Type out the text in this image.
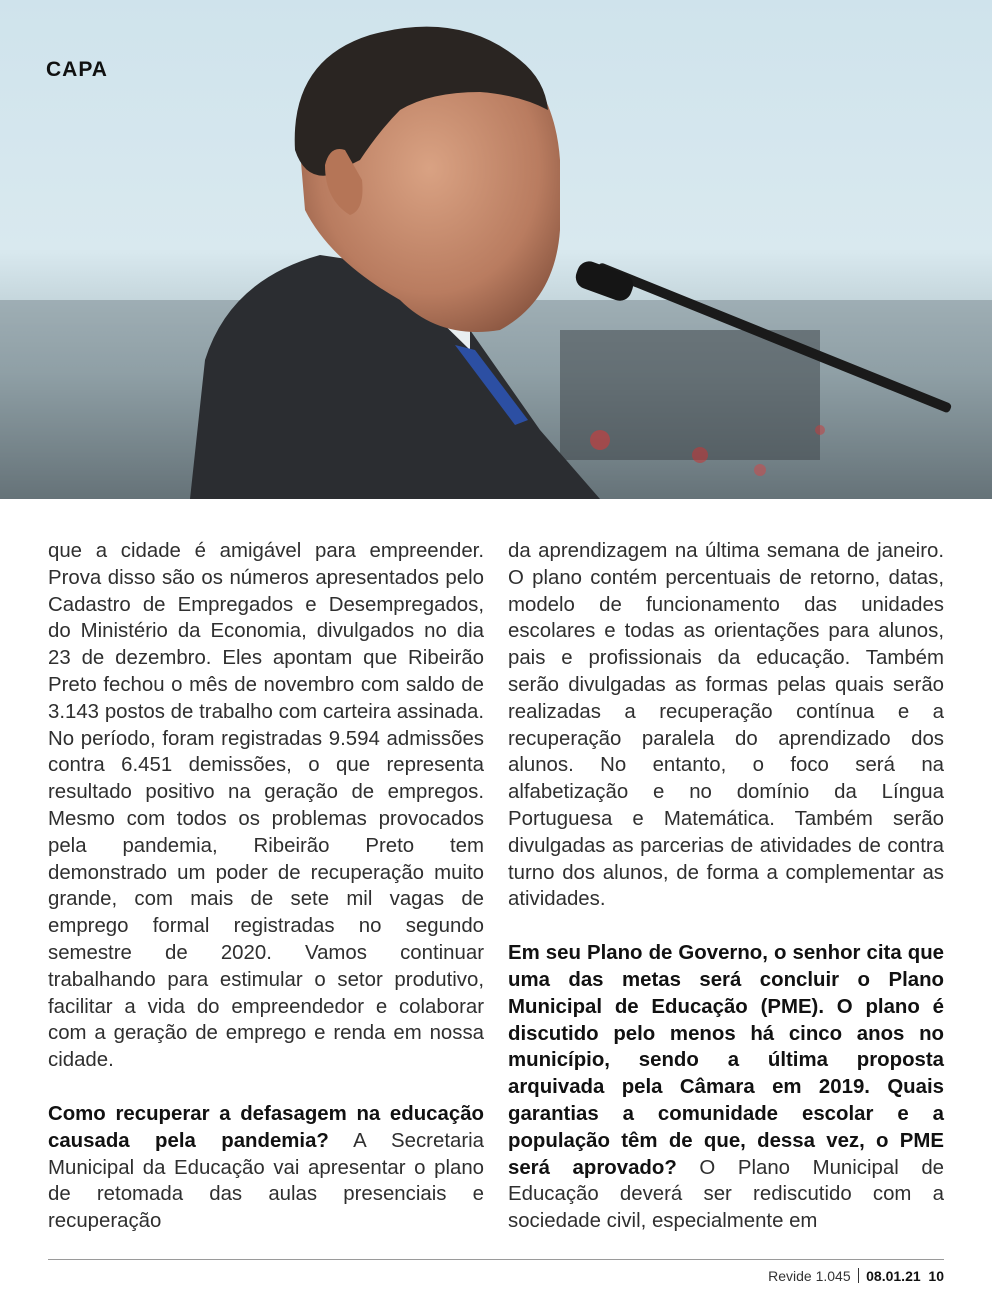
CAPA

que a cidade é amigável para empreender. Prova disso são os números apresentados pelo Cadastro de Empregados e Desempregados, do Ministério da Economia, divulgados no dia 23 de dezembro. Eles apontam que Ribeirão Preto fechou o mês de novembro com saldo de 3.143 postos de trabalho com carteira assinada. No período, foram registradas 9.594 admissões contra 6.451 demissões, o que representa resultado positivo na geração de empregos. Mesmo com todos os problemas provocados pela pandemia, Ribeirão Preto tem demonstrado um poder de recuperação muito grande, com mais de sete mil vagas de emprego formal registradas no segundo semestre de 2020. Vamos continuar trabalhando para estimular o setor produtivo, facilitar a vida do empreendedor e colaborar com a geração de emprego e renda em nossa cidade.

Como recuperar a defasagem na educação causada pela pandemia? A Secretaria Municipal da Educação vai apresentar o plano de retomada das aulas presenciais e recuperação

da aprendizagem na última semana de janeiro. O plano contém percentuais de retorno, datas, modelo de funcionamento das unidades escolares e todas as orientações para alunos, pais e profissionais da educação. Também serão divulgadas as formas pelas quais serão realizadas a recuperação contínua e a recuperação paralela do aprendizado dos alunos. No entanto, o foco será na alfabetização e no domínio da Língua Portuguesa e Matemática. Também serão divulgadas as parcerias de atividades de contra turno dos alunos, de forma a complementar as atividades.

Em seu Plano de Governo, o senhor cita que uma das metas será concluir o Plano Municipal de Educação (PME). O plano é discutido pelo menos há cinco anos no município, sendo a última proposta arquivada pela Câmara em 2019. Quais garantias a comunidade escolar e a população têm de que, dessa vez, o PME será aprovado? O Plano Municipal de Educação deverá ser rediscutido com a sociedade civil, especialmente em

Revide 1.045 08.01.21 10
